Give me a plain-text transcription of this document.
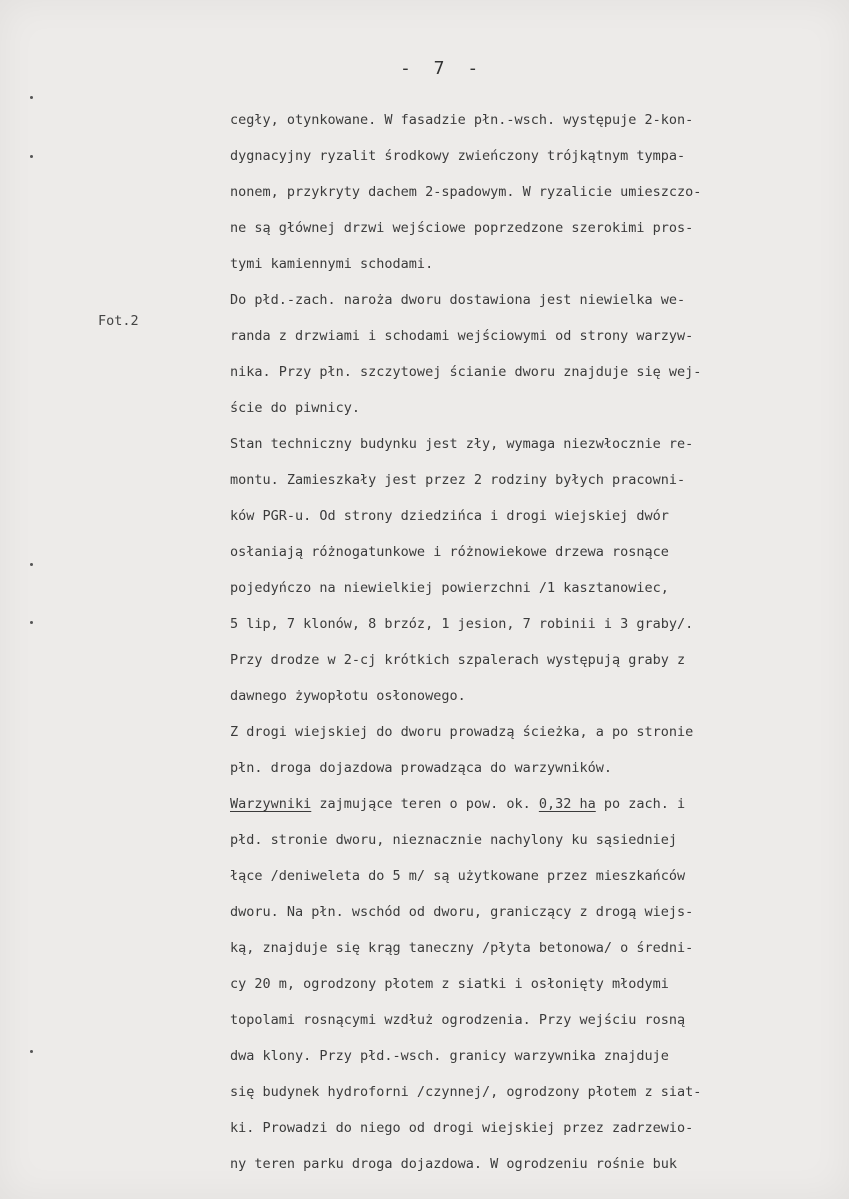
- 7 -
Fot.2
cegły, otynkowane. W fasadzie płn.-wsch. występuje 2-kon-
dygnacyjny ryzalit środkowy zwieńczony trójkątnym tympa-
nonem, przykryty dachem 2-spadowym. W ryzalicie umieszczo-
ne są głównej drzwi wejściowe poprzedzone szerokimi pros-
tymi kamiennymi schodami.
Do płd.-zach. naroża dworu dostawiona jest niewielka we-
randa z drzwiami i schodami wejściowymi od strony warzyw-
nika. Przy płn. szczytowej ścianie dworu znajduje się wej-
ście do piwnicy.
Stan techniczny budynku jest zły, wymaga niezwłocznie re-
montu. Zamieszkały jest przez 2 rodziny byłych pracowni-
ków PGR-u. Od strony dziedzińca i drogi wiejskiej dwór
osłaniają różnogatunkowe i różnowiekowe drzewa rosnące
pojedyńczo na niewielkiej powierzchni /1 kasztanowiec,
5 lip, 7 klonów, 8 brzóz, 1 jesion, 7 robinii i 3 graby/.
Przy drodze w 2-cj krótkich szpalerach występują graby z
dawnego żywopłotu osłonowego.
Z drogi wiejskiej do dworu prowadzą ścieżka, a po stronie
płn. droga dojazdowa prowadząca do warzywników.
Warzywniki zajmujące teren o pow. ok. 0,32 ha po zach. i
płd. stronie dworu, nieznacznie nachylony ku sąsiedniej
łące /deniweleta do 5 m/ są użytkowane przez mieszkańców
dworu. Na płn. wschód od dworu, graniczący z drogą wiejs-
ką, znajduje się krąg taneczny /płyta betonowa/ o średni-
cy 20 m, ogrodzony płotem z siatki i osłonięty młodymi
topolami rosnącymi wzdłuż ogrodzenia. Przy wejściu rosną
dwa klony. Przy płd.-wsch. granicy warzywnika znajduje
się budynek hydroforni /czynnej/, ogrodzony płotem z siat-
ki. Prowadzi do niego od drogi wiejskiej przez zadrzewio-
ny teren parku droga dojazdowa. W ogrodzeniu rośnie buk
